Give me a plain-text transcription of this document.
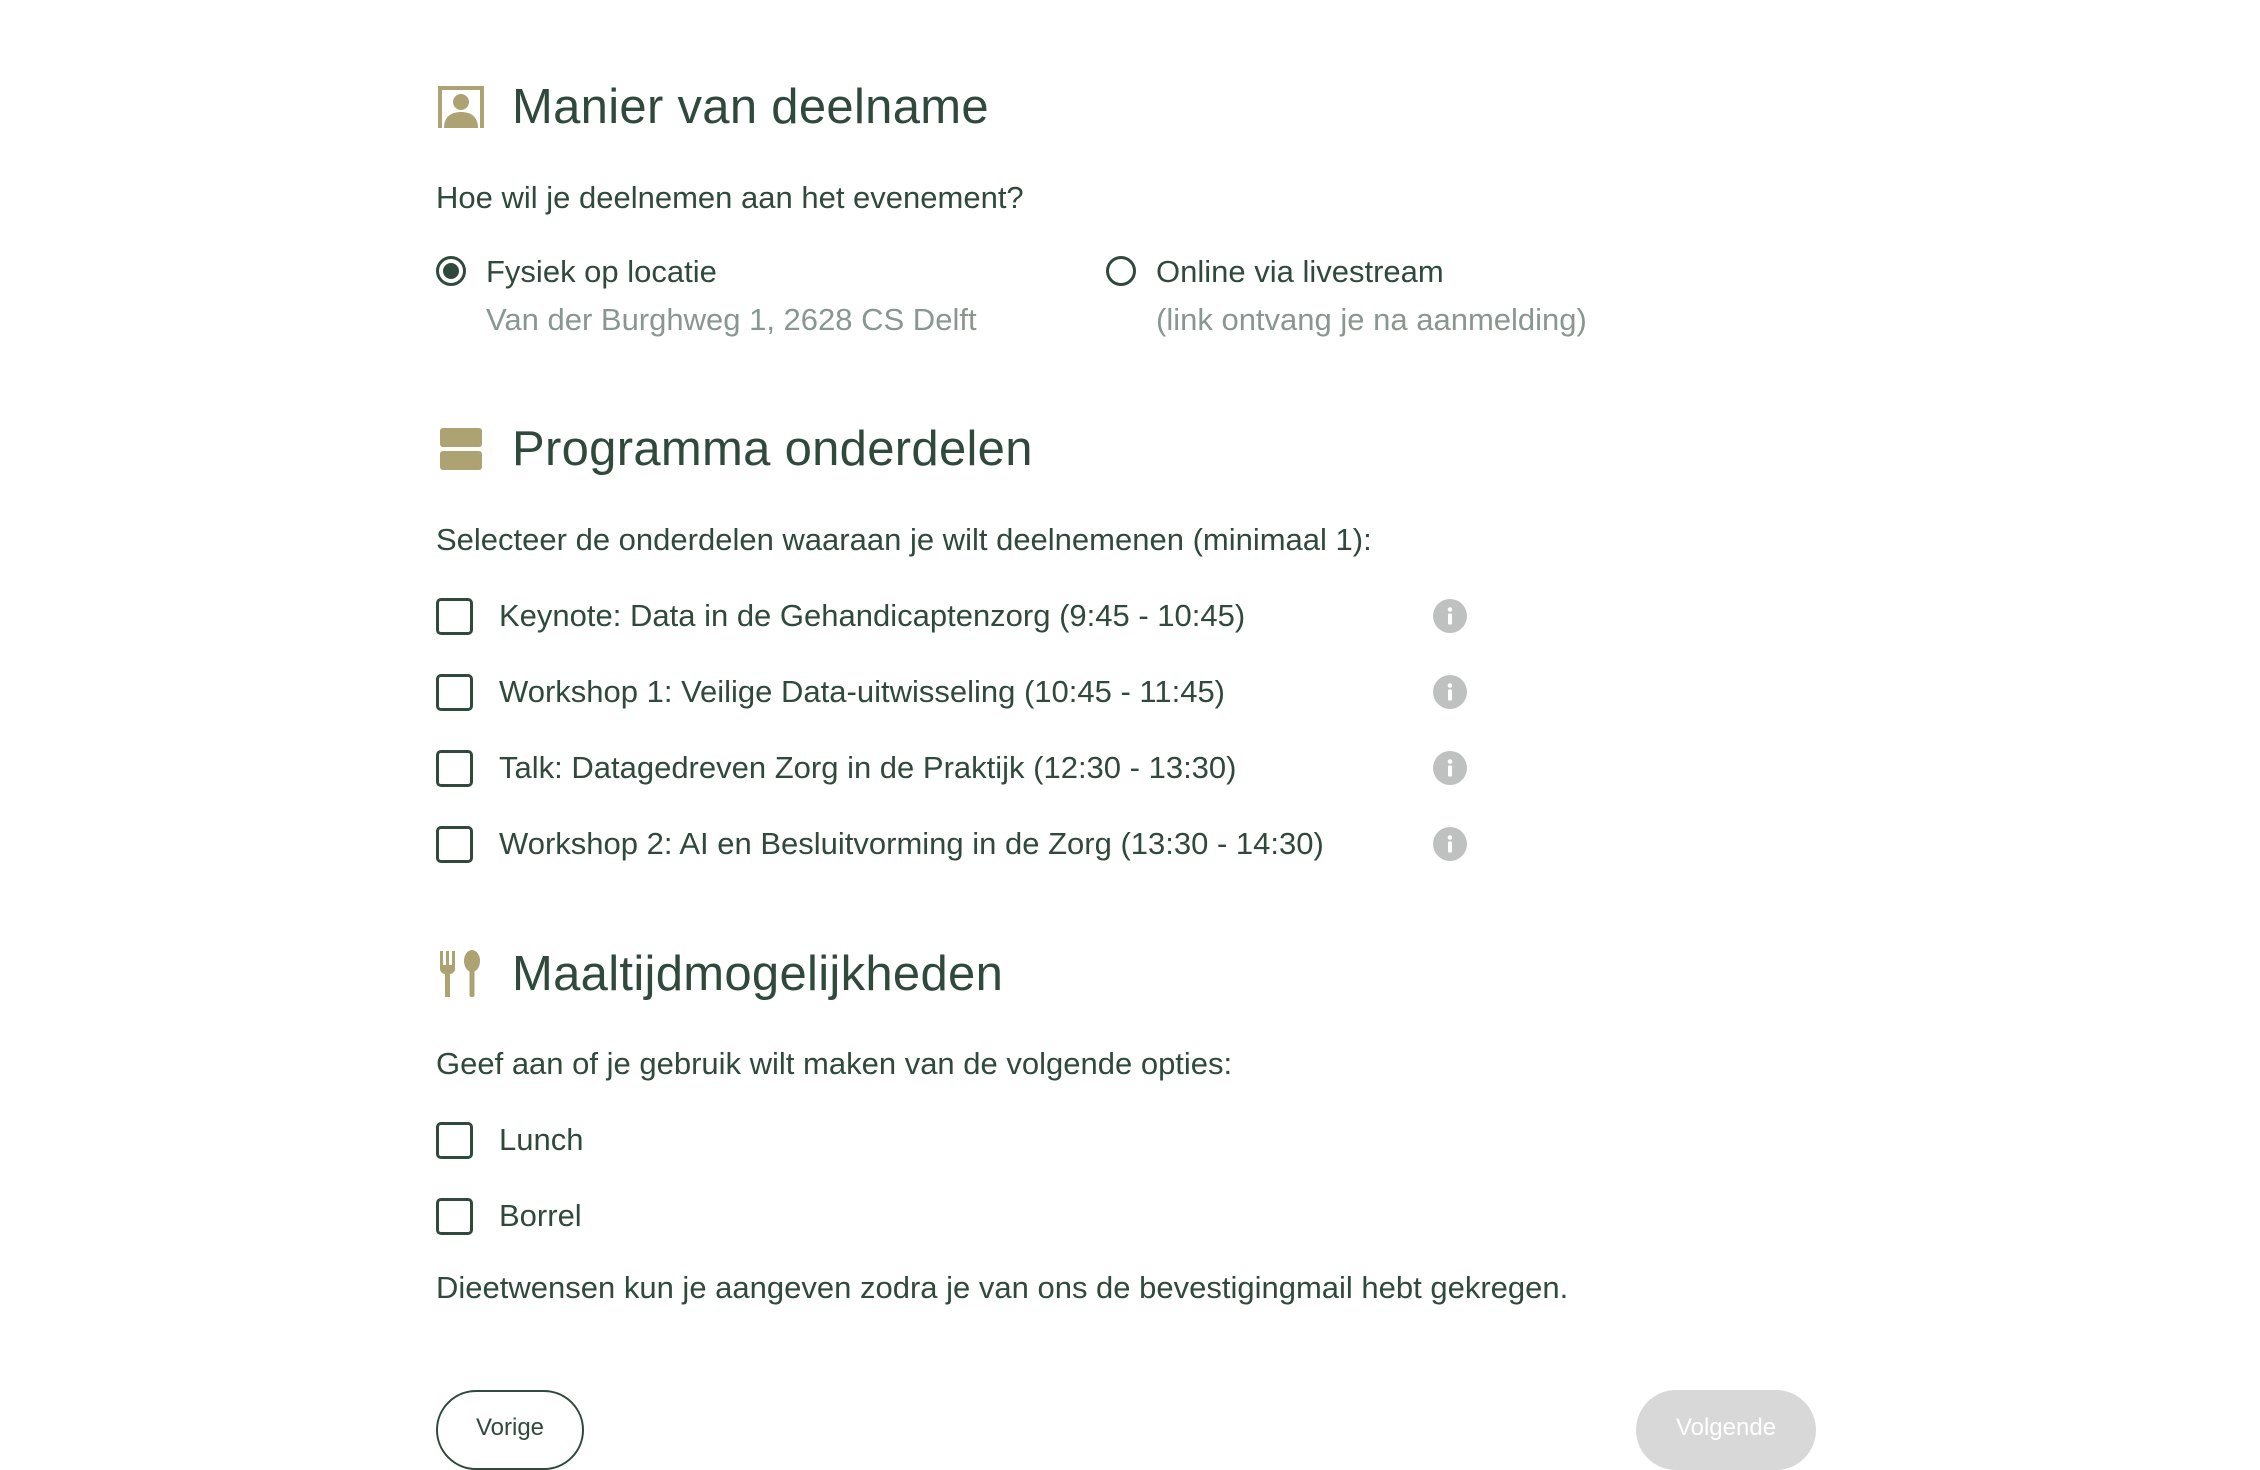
Manier van deelname
Hoe wil je deelnemen aan het evenement?
Fysiek op locatie
Van der Burghweg 1, 2628 CS Delft
Online via livestream
(link ontvang je na aanmelding)
Programma onderdelen
Selecteer de onderdelen waaraan je wilt deelnemenen (minimaal 1):
Keynote: Data in de Gehandicaptenzorg (9:45 - 10:45)
Workshop 1: Veilige Data-uitwisseling (10:45 - 11:45)
Talk: Datagedreven Zorg in de Praktijk (12:30 - 13:30)
Workshop 2: AI en Besluitvorming in de Zorg (13:30 - 14:30)
Maaltijdmogelijkheden
Geef aan of je gebruik wilt maken van de volgende opties:
Lunch
Borrel
Dieetwensen kun je aangeven zodra je van ons de bevestigingmail hebt gekregen.
Vorige	Volgende
